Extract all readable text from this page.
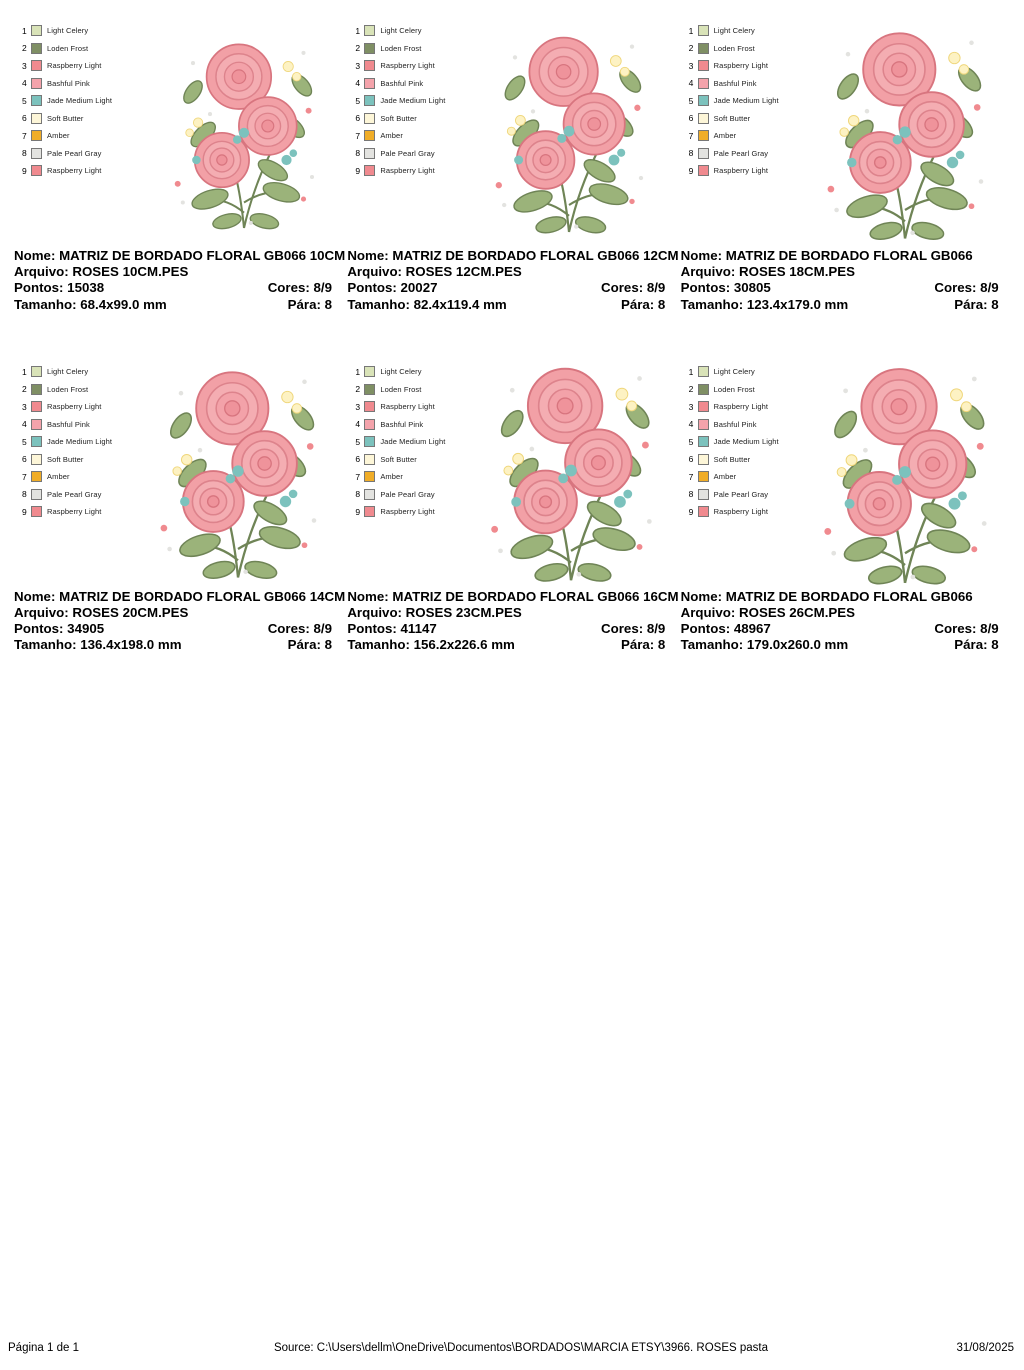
1	Light Celery
2	Loden Frost
3	Raspberry Light
4	Bashful Pink
5	Jade Medium Light
6	Soft Butter
7	Amber
8	Pale Pearl Gray
9	Raspberry Light
Nome: MATRIZ DE BORDADO FLORAL GB066 10CM
Arquivo: ROSES 10CM.PES
Pontos: 15038	Cores: 8/9
Tamanho: 68.4x99.0 mm	Pára: 8
1	Light Celery
2	Loden Frost
3	Raspberry Light
4	Bashful Pink
5	Jade Medium Light
6	Soft Butter
7	Amber
8	Pale Pearl Gray
9	Raspberry Light
Nome: MATRIZ DE BORDADO FLORAL GB066 12CM
Arquivo: ROSES 12CM.PES
Pontos: 20027	Cores: 8/9
Tamanho: 82.4x119.4 mm	Pára: 8
1	Light Celery
2	Loden Frost
3	Raspberry Light
4	Bashful Pink
5	Jade Medium Light
6	Soft Butter
7	Amber
8	Pale Pearl Gray
9	Raspberry Light
Nome: MATRIZ DE BORDADO FLORAL GB066
Arquivo: ROSES 18CM.PES
Pontos: 30805	Cores: 8/9
Tamanho: 123.4x179.0 mm	Pára: 8
1	Light Celery
2	Loden Frost
3	Raspberry Light
4	Bashful Pink
5	Jade Medium Light
6	Soft Butter
7	Amber
8	Pale Pearl Gray
9	Raspberry Light
Nome: MATRIZ DE BORDADO FLORAL GB066 14CM
Arquivo: ROSES 20CM.PES
Pontos: 34905	Cores: 8/9
Tamanho: 136.4x198.0 mm	Pára: 8
1	Light Celery
2	Loden Frost
3	Raspberry Light
4	Bashful Pink
5	Jade Medium Light
6	Soft Butter
7	Amber
8	Pale Pearl Gray
9	Raspberry Light
Nome: MATRIZ DE BORDADO FLORAL GB066 16CM
Arquivo: ROSES 23CM.PES
Pontos: 41147	Cores: 8/9
Tamanho: 156.2x226.6 mm	Pára: 8
1	Light Celery
2	Loden Frost
3	Raspberry Light
4	Bashful Pink
5	Jade Medium Light
6	Soft Butter
7	Amber
8	Pale Pearl Gray
9	Raspberry Light
Nome: MATRIZ DE BORDADO FLORAL GB066
Arquivo: ROSES 26CM.PES
Pontos: 48967	Cores: 8/9
Tamanho: 179.0x260.0 mm	Pára: 8
Página 1 de 1	Source: C:\Users\dellm\OneDrive\Documentos\BORDADOS\MARCIA ETSY\3966. ROSES pasta	31/08/2025
